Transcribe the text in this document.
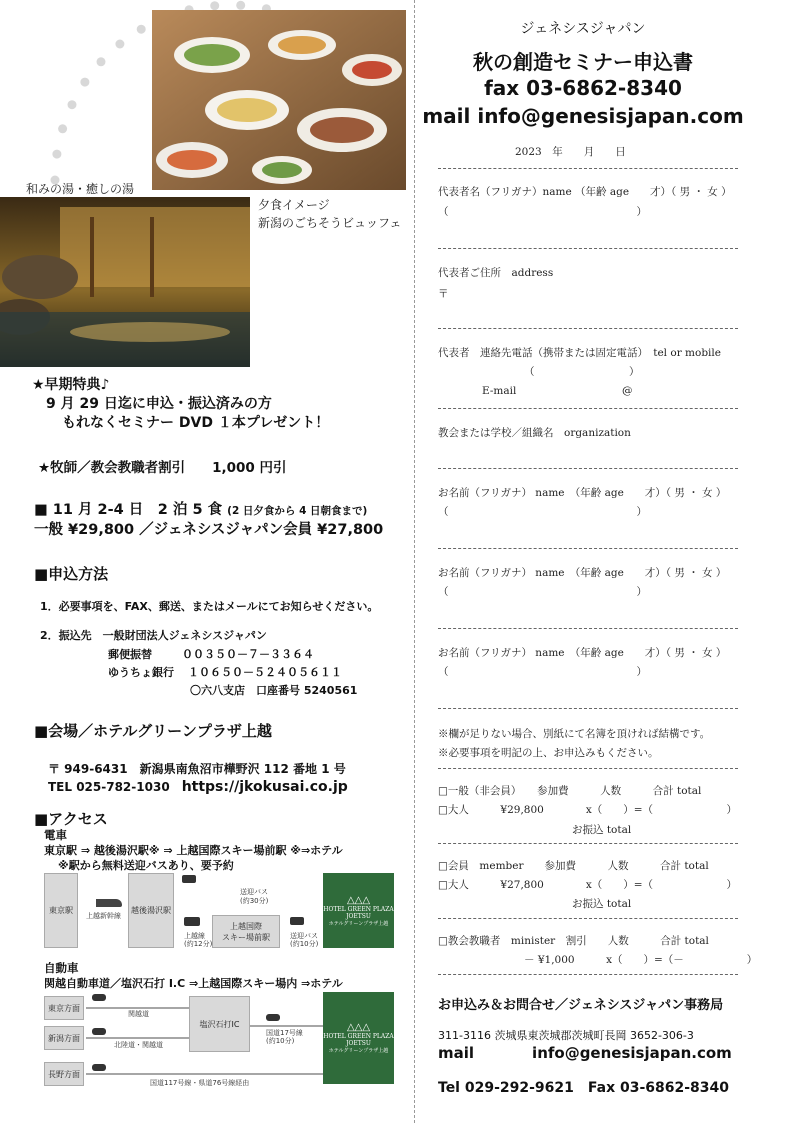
和みの湯・癒しの湯
夕食イメージ
新潟のごちそうビュッフェ
★早期特典♪
9 月 29 日迄に申込・振込済みの方
もれなくセミナー DVD １本プレゼント！
★牧師／教会教職者割引　　1,000 円引
■ 11 月 2-4 日　2 泊 5 食 (2 日夕食から 4 日朝食まで)
一般 ¥29,800 ／ジェネシスジャパン会員 ¥27,800
■申込方法
1．必要事項を、FAX、郵送、またはメールにてお知らせください。
2．振込先　 一般財団法人ジェネシスジャパン
郵便振替	００３５０－７－３３６４
ゆうちょ銀行 １０６５０－５２４０５６１１
〇六八支店　口座番号 5240561
■会場／ホテルグリーンプラザ上越
〒 949-6431　新潟県南魚沼市樺野沢 112 番地 1 号
TEL 025-782-1030　 https://jkokusai.co.jp
■アクセス
電車
東京駅 ⇒ 越後湯沢駅※ ⇒ 上越国際スキー場前駅 ※⇒ホテル
※駅から無料送迎バスあり、要予約
東京駅
上越新幹線
越後湯沢駅
送迎バス
(約30分)
上越線
(約12分)
上越国際
スキー場前駅	送迎バス
(約10分)
△△△
HOTEL GREEN PLAZA
JOETSU
ホテルグリーンプラザ上越
自動車
関越自動車道／塩沢石打 I.C ⇒上越国際スキー場内 ⇒ホテル
東京方面
新潟方面
長野方面
関越道
北陸道・関越道
塩沢石打IC
国道17号線
(約10分)
国道117号線・県道76号線経由
△△△
HOTEL GREEN PLAZA
JOETSU
ホテルグリーンプラザ上越
ジェネシスジャパン
秋の創造セミナー申込書
fax 03-6862-8340
mail info@genesisjapan.com
2023　年　　月　　日
代表者名（フリガナ）name （年齢 age　　才）（ 男 ・ 女 ）
（	）
代表者ご住所　address
〒
代表者　連絡先電話（携帯または固定電話）　tel or mobile
（　　　　　　　　　）
E-mail	@
教会または学校／組織名　organization
お名前（フリガナ） name　（年齢 age　　才）（ 男 ・ 女 ）
（	）
お名前（フリガナ） name　（年齢 age　　才）（ 男 ・ 女 ）
（	）
お名前（フリガナ） name　（年齢 age　　才）（ 男 ・ 女 ）
（	）
※欄が足りない場合、別紙にて名簿を頂ければ結構です。
※必要事項を明記の上、お申込みもください。
□一般（非会員）　　参加費　　　人数　　　合計 total
□大人　　　¥29,800　　　　x（　　）=（　　　　　　　）
お振込 total
□会員　member　　参加費　　　人数　　　合計 total
□大人　　　¥27,800　　　　x（　　）=（　　　　　　　）
お振込 total
□教会教職者　minister　割引　　人数　　　合計 total
－ ¥1,000　　　x（　　）=（－　　　　　　）
お申込み＆お問合せ／ジェネシスジャパン事務局
311-3116 茨城県東茨城郡茨城町長岡 3652-306-3
mail	info@genesisjapan.com
Tel 029-292-9621　Fax 03-6862-8340
